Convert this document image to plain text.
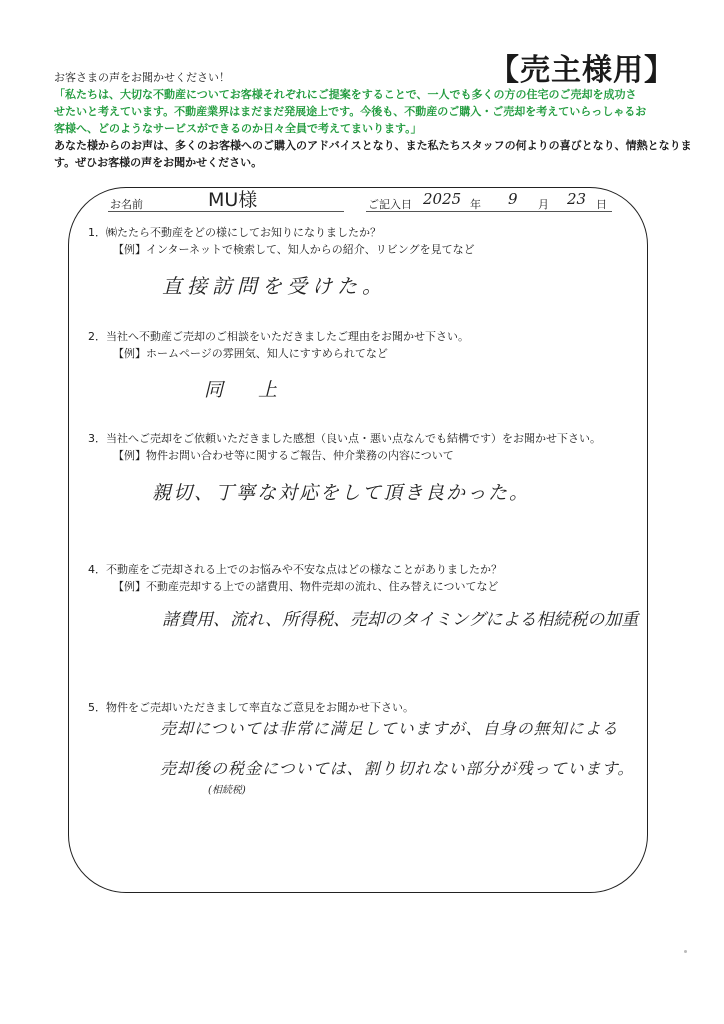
【売主様用】
お客さまの声をお聞かせください！
「私たちは、大切な不動産についてお客様それぞれにご提案をすることで、一人でも多くの方の住宅のご売却を成功さ
せたいと考えています。不動産業界はまだまだ発展途上です。今後も、不動産のご購入・ご売却を考えていらっしゃるお
客様へ、どのようなサービスができるのか日々全員で考えてまいります。」
あなた様からのお声は、多くのお客様へのご購入のアドバイスとなり、また私たちスタッフの何よりの喜びとなり、情熱となりま
す。ぜひお客様の声をお聞かせください。
お名前	MU様	ご記入日 2025 年 9 月 23 日
1．㈱たたら不動産をどの様にしてお知りになりましたか？
【例】インターネットで検索して、知人からの紹介、リビングを見てなど
直接訪問を受けた。
2．当社へ不動産ご売却のご相談をいただきましたご理由をお聞かせ下さい。
【例】ホームページの雰囲気、知人にすすめられてなど
同　上
3．当社へご売却をご依頼いただきました感想（良い点・悪い点なんでも結構です）をお聞かせ下さい。
【例】物件お問い合わせ等に関するご報告、仲介業務の内容について
親切、丁寧な対応をして頂き良かった。
4．不動産をご売却される上でのお悩みや不安な点はどの様なことがありましたか？
【例】不動産売却する上での諸費用、物件売却の流れ、住み替えについてなど
諸費用、流れ、所得税、売却のタイミングによる相続税の加重
5．物件をご売却いただきまして率直なご意見をお聞かせ下さい。
売却については非常に満足していますが、自身の無知による
売却後の税金については、割り切れない部分が残っています。
(相続税)
